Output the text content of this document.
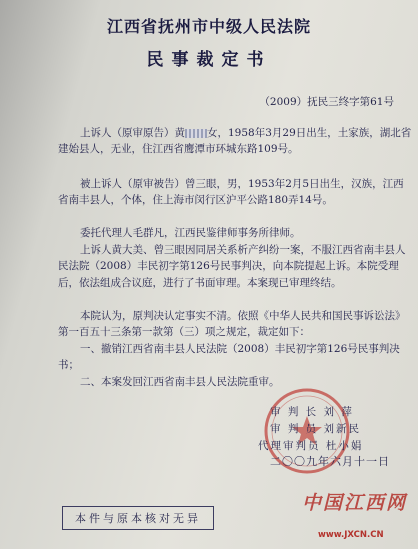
江西省抚州市中级人民法院
民事裁定书
（2009）抚民三终字第61号
上诉人（原审原告）黄 女，1958年3月29日出生，土家族，湖北省建始县人，无业，住江西省鹰潭市环城东路109号。
被上诉人（原审被告）曾三眼，男，1953年2月5日出生，汉族，江西省南丰县人，个体，住上海市闵行区沪平公路180弄14号。
委托代理人毛群凡，江西民鉴律师事务所律师。
上诉人黄大美、曾三眼因同居关系析产纠纷一案，不服江西省南丰县人民法院（2008）丰民初字第126号民事判决，向本院提起上诉。本院受理后，依法组成合议庭，进行了书面审理。本案现已审理终结。
本院认为，原判决认定事实不清。依照《中华人民共和国民事诉讼法》第一百五十三条第一款第（三）项之规定，裁定如下：
一、撤销江西省南丰县人民法院（2008）丰民初字第126号民事判决书；
二、本案发回江西省南丰县人民法院重审。
审 判 长 刘 萍
审 判 员 刘新民
代理审判员 杜小娟
二〇〇九年六月十一日
本件与原本核对无异
中国江西网
www.JXCN.CN
